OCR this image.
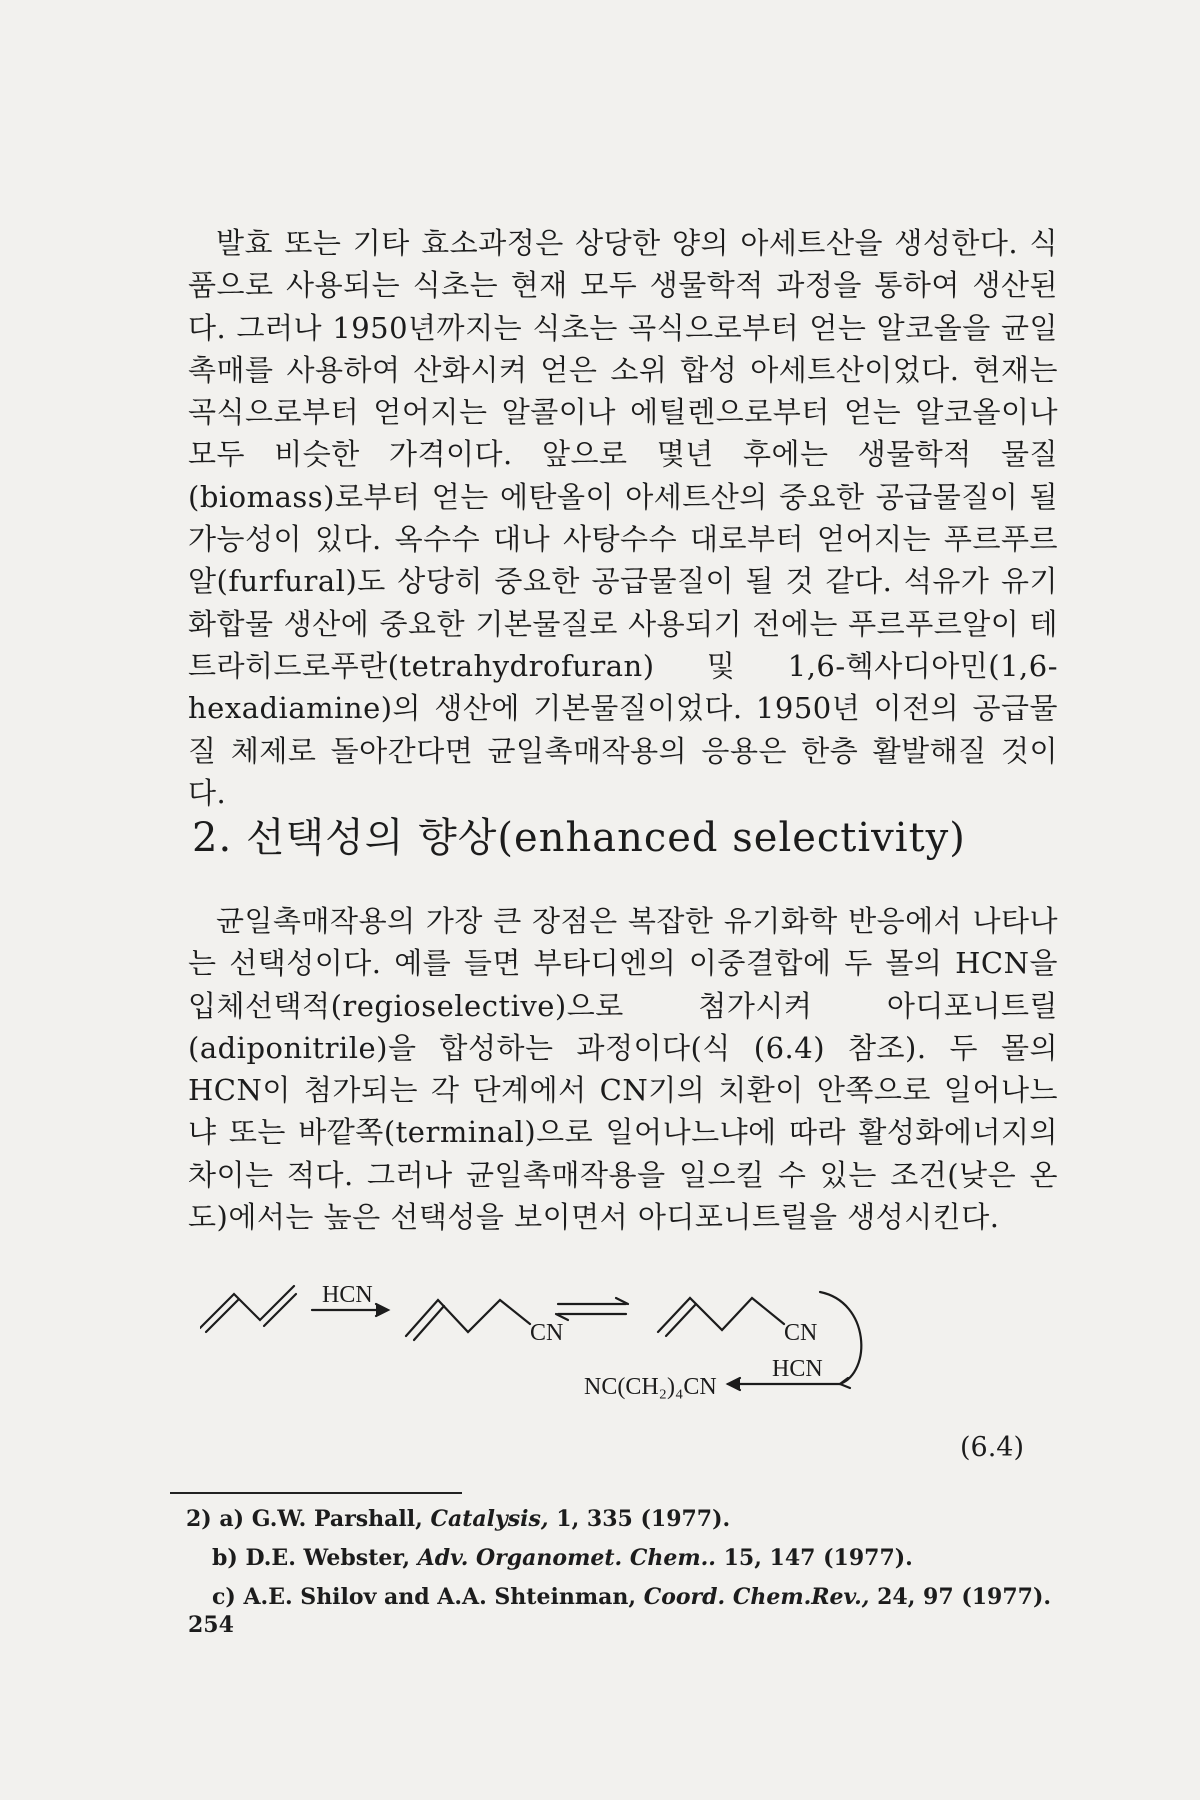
발효 또는 기타 효소과정은 상당한 양의 아세트산을 생성한다. 식품으로 사용되는 식초는 현재 모두 생물학적 과정을 통하여 생산된다. 그러나 1950년까지는 식초는 곡식으로부터 얻는 알코올을 균일촉매를 사용하여 산화시켜 얻은 소위 합성 아세트산이었다. 현재는 곡식으로부터 얻어지는 알콜이나 에틸렌으로부터 얻는 알코올이나 모두 비슷한 가격이다. 앞으로 몇년 후에는 생물학적 물질(biomass)로부터 얻는 에탄올이 아세트산의 중요한 공급물질이 될 가능성이 있다. 옥수수 대나 사탕수수 대로부터 얻어지는 푸르푸르알(furfural)도 상당히 중요한 공급물질이 될 것 같다. 석유가 유기화합물 생산에 중요한 기본물질로 사용되기 전에는 푸르푸르알이 테트라히드로푸란(tetrahydrofuran) 및 1,6-헥사디아민(1,6-hexadiamine)의 생산에 기본물질이었다. 1950년 이전의 공급물질 체제로 돌아간다면 균일촉매작용의 응용은 한층 활발해질 것이다.
2. 선택성의 향상(enhanced selectivity)
균일촉매작용의 가장 큰 장점은 복잡한 유기화학 반응에서 나타나는 선택성이다. 예를 들면 부타디엔의 이중결합에 두 몰의 HCN을 입체선택적(regioselective)으로 첨가시켜 아디포니트릴(adiponitrile)을 합성하는 과정이다(식 (6.4) 참조). 두 몰의 HCN이 첨가되는 각 단계에서 CN기의 치환이 안쪽으로 일어나느냐 또는 바깥쪽(terminal)으로 일어나느냐에 따라 활성화에너지의 차이는 적다. 그러나 균일촉매작용을 일으킬 수 있는 조건(낮은 온도)에서는 높은 선택성을 보이면서 아디포니트릴을 생성시킨다.
HCN
CN	CN
HCN
NC(CH₂)₄CN
(6.4)
2) a) G.W. Parshall, Catalysis, 1, 335 (1977).
b) D.E. Webster, Adv. Organomet. Chem.. 15, 147 (1977).
c) A.E. Shilov and A.A. Shteinman, Coord. Chem.Rev., 24, 97 (1977).
254
